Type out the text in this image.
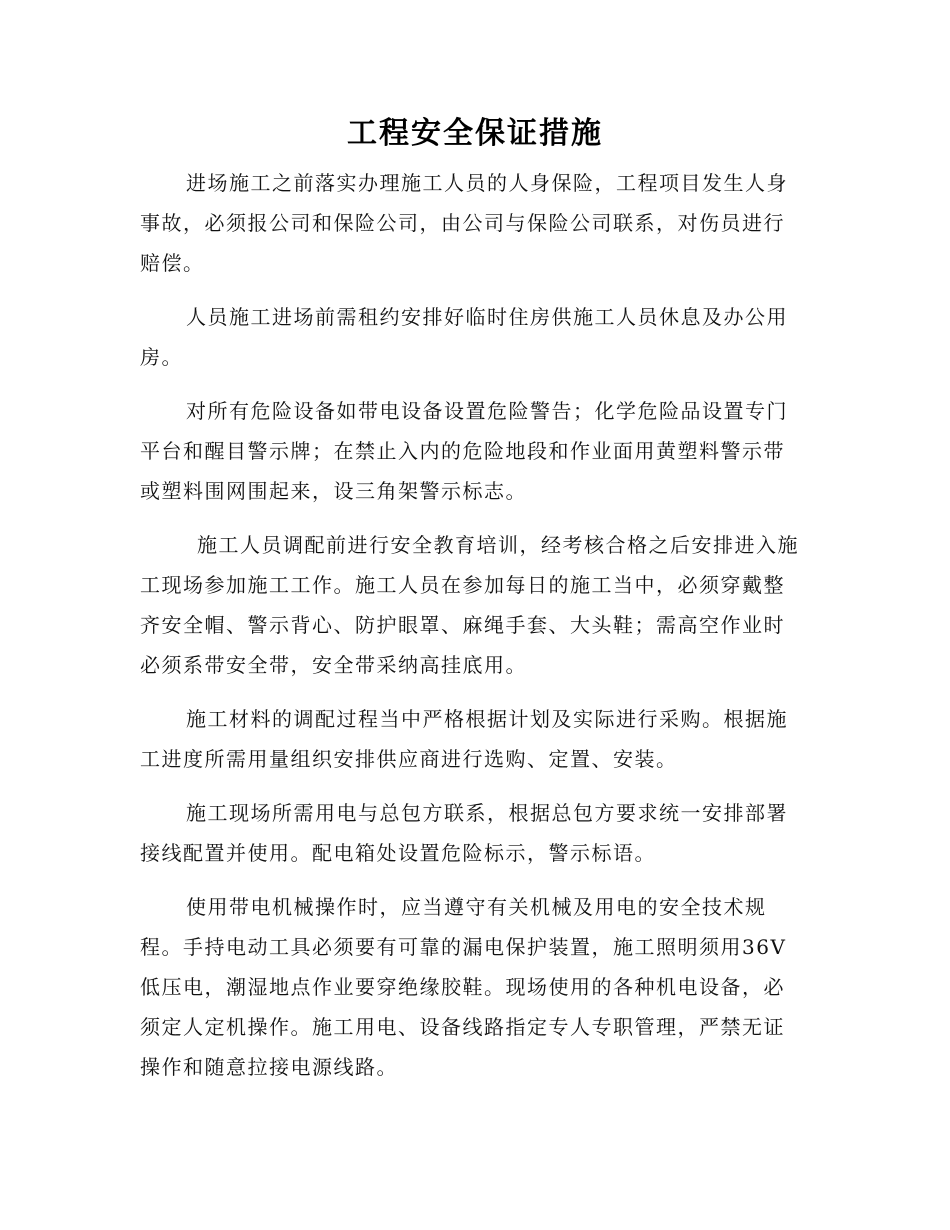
工程安全保证措施

进场施工之前落实办理施工人员的人身保险，工程项目发生人身事故，必须报公司和保险公司，由公司与保险公司联系，对伤员进行赔偿。

人员施工进场前需租约安排好临时住房供施工人员休息及办公用房。

对所有危险设备如带电设备设置危险警告；化学危险品设置专门平台和醒目警示牌；在禁止入内的危险地段和作业面用黄塑料警示带或塑料围网围起来，设三角架警示标志。

施工人员调配前进行安全教育培训，经考核合格之后安排进入施工现场参加施工工作。施工人员在参加每日的施工当中，必须穿戴整齐安全帽、警示背心、防护眼罩、麻绳手套、大头鞋；需高空作业时必须系带安全带，安全带采纳高挂底用。

施工材料的调配过程当中严格根据计划及实际进行采购。根据施工进度所需用量组织安排供应商进行选购、定置、安装。

施工现场所需用电与总包方联系，根据总包方要求统一安排部署接线配置并使用。配电箱处设置危险标示，警示标语。

使用带电机械操作时，应当遵守有关机械及用电的安全技术规程。手持电动工具必须要有可靠的漏电保护装置，施工照明须用36V低压电，潮湿地点作业要穿绝缘胶鞋。现场使用的各种机电设备，必须定人定机操作。施工用电、设备线路指定专人专职管理，严禁无证操作和随意拉接电源线路。
